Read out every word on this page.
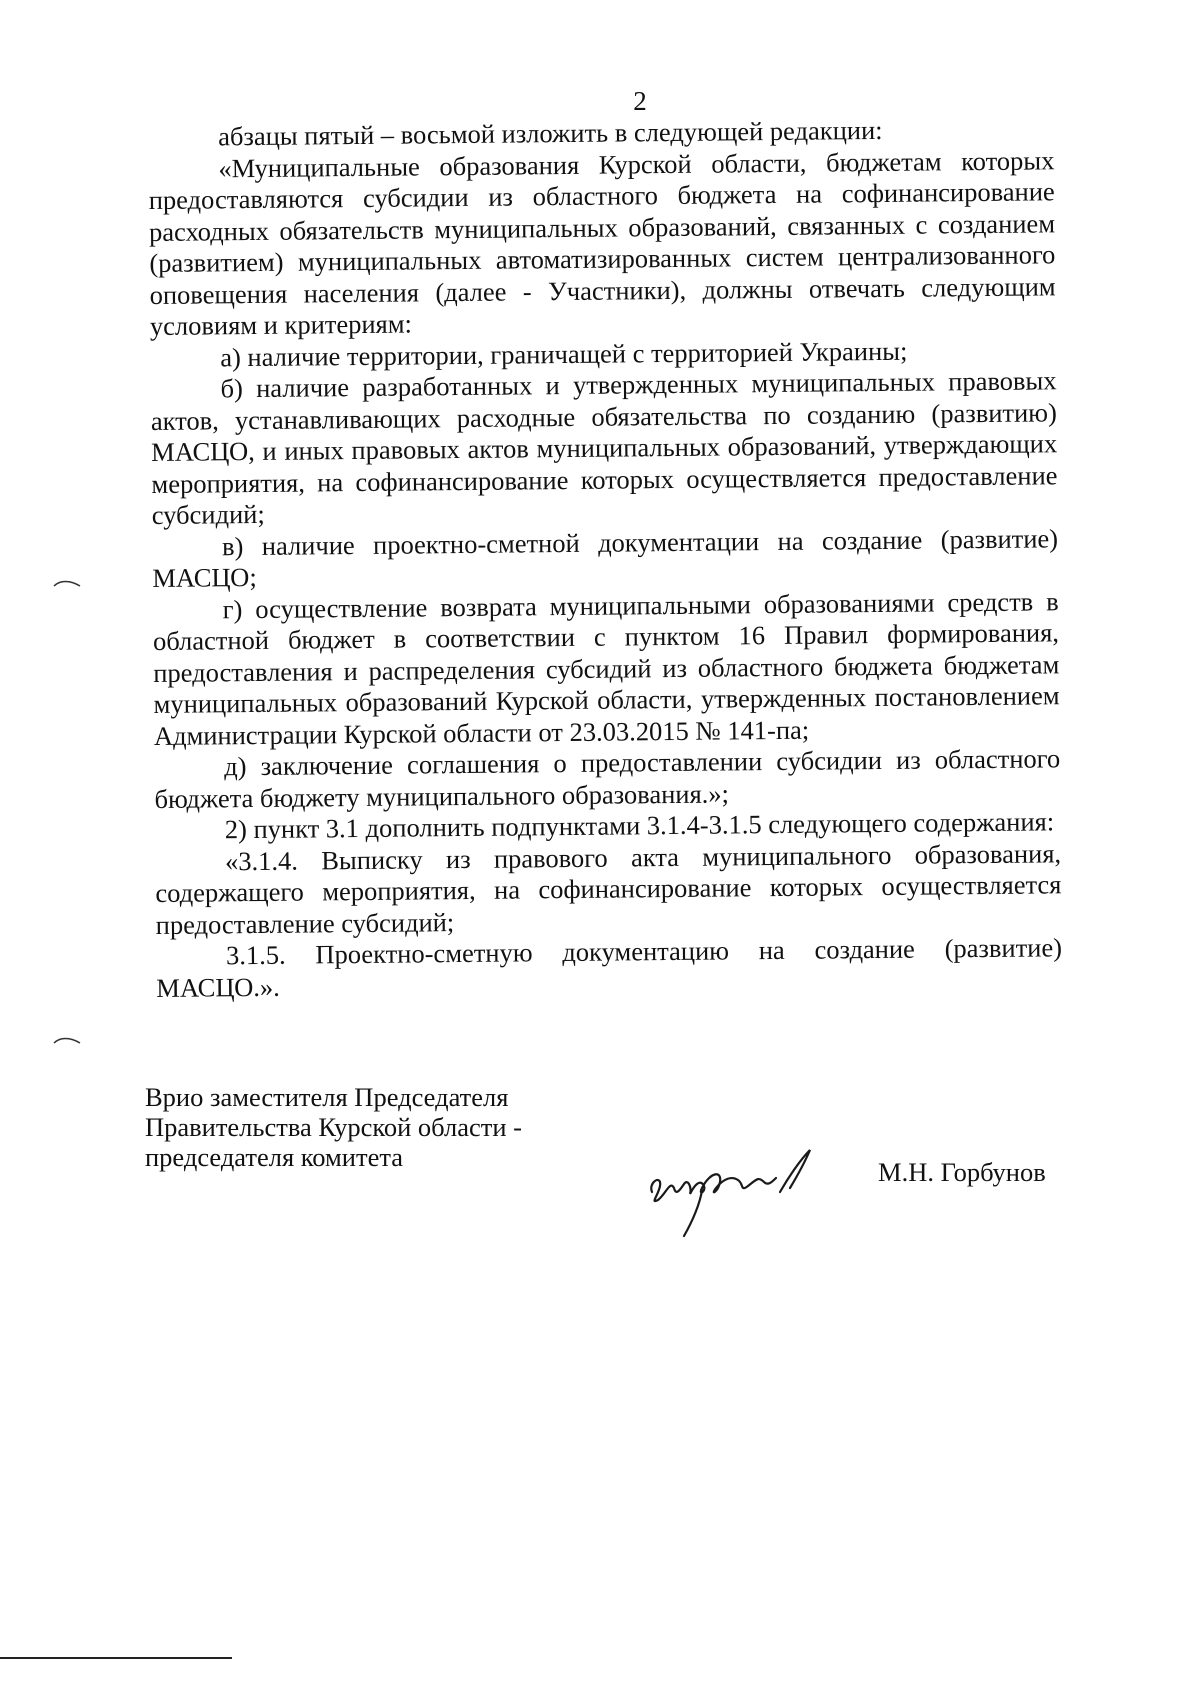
2

абзацы пятый – восьмой изложить в следующей редакции:

«Муниципальные образования Курской области, бюджетам которых предоставляются субсидии из областного бюджета на софинансирование расходных обязательств муниципальных образований, связанных с созданием (развитием) муниципальных автоматизированных систем централизованного оповещения населения (далее - Участники), должны отвечать следующим условиям и критериям:

а) наличие территории, граничащей с территорией Украины;

б) наличие разработанных и утвержденных муниципальных правовых актов, устанавливающих расходные обязательства по созданию (развитию) МАСЦО, и иных правовых актов муниципальных образований, утверждающих мероприятия, на софинансирование которых осуществляется предоставление субсидий;

в) наличие проектно-сметной документации на создание (развитие) МАСЦО;

г) осуществление возврата муниципальными образованиями средств в областной бюджет в соответствии с пунктом 16 Правил формирования, предоставления и распределения субсидий из областного бюджета бюджетам муниципальных образований Курской области, утвержденных постановлением Администрации Курской области от 23.03.2015 № 141-па;

д) заключение соглашения о предоставлении субсидии из областного бюджета бюджету муниципального образования.»;

2) пункт 3.1 дополнить подпунктами 3.1.4-3.1.5 следующего содержания:

«3.1.4. Выписку из правового акта муниципального образования, содержащего мероприятия, на софинансирование которых осуществляется предоставление субсидий;

3.1.5. Проектно-сметную документацию на создание (развитие) МАСЦО.».

Врио заместителя Председателя
Правительства Курской области -
председателя комитета	М.Н. Горбунов
